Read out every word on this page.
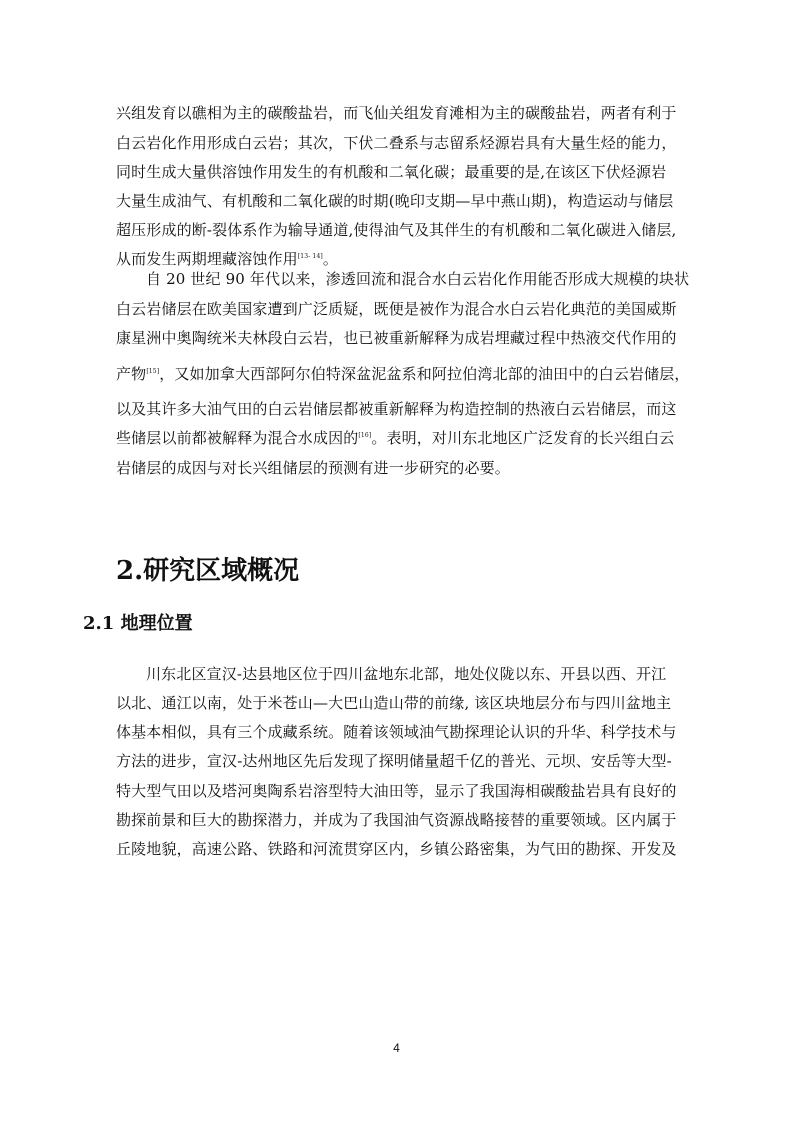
兴组发育以礁相为主的碳酸盐岩，而飞仙关组发育滩相为主的碳酸盐岩，两者有利于
白云岩化作用形成白云岩；其次，下伏二叠系与志留系烃源岩具有大量生烃的能力，
同时生成大量供溶蚀作用发生的有机酸和二氧化碳；最重要的是,在该区下伏烃源岩
大量生成油气、有机酸和二氧化碳的时期(晚印支期—早中燕山期)，构造运动与储层
超压形成的断-裂体系作为输导通道,使得油气及其伴生的有机酸和二氧化碳进入储层,
从而发生两期埋藏溶蚀作用[13- 14]。
自 20 世纪 90 年代以来，渗透回流和混合水白云岩化作用能否形成大规模的块状
白云岩储层在欧美国家遭到广泛质疑，既便是被作为混合水白云岩化典范的美国威斯
康星洲中奥陶统米夫林段白云岩，也已被重新解释为成岩埋藏过程中热液交代作用的
产物[15]，又如加拿大西部阿尔伯特深盆泥盆系和阿拉伯湾北部的油田中的白云岩储层，
以及其许多大油气田的白云岩储层都被重新解释为构造控制的热液白云岩储层，而这
些储层以前都被解释为混合水成因的[16]。表明，对川东北地区广泛发育的长兴组白云
岩储层的成因与对长兴组储层的预测有进一步研究的必要。
2.研究区域概况
2.1 地理位置
川东北区宣汉-达县地区位于四川盆地东北部，地处仪陇以东、开县以西、开江
以北、通江以南，处于米苍山—大巴山造山带的前缘, 该区块地层分布与四川盆地主
体基本相似，具有三个成藏系统。随着该领域油气勘探理论认识的升华、科学技术与
方法的进步，宣汉-达州地区先后发现了探明储量超千亿的普光、元坝、安岳等大型-
特大型气田以及塔河奥陶系岩溶型特大油田等，显示了我国海相碳酸盐岩具有良好的
勘探前景和巨大的勘探潜力，并成为了我国油气资源战略接替的重要领域。区内属于
丘陵地貌，高速公路、铁路和河流贯穿区内，乡镇公路密集，为气田的勘探、开发及
4
